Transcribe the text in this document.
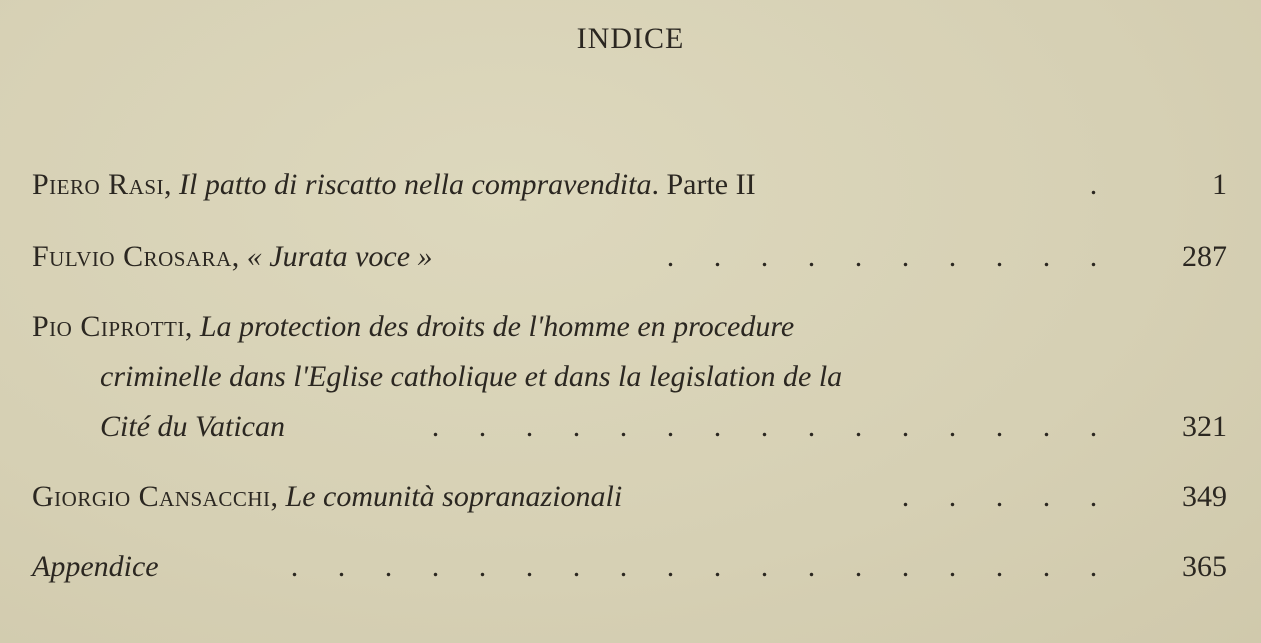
INDICE
Piero Rasi, Il patto di riscatto nella compravendita. Parte II	.	1
Fulvio Crosara, « Jurata voce »	. . . . . . . . . .	287
Pio Ciprotti, La protection des droits de l'homme en procedure
criminelle dans l'Eglise catholique et dans la legislation de la
Cité du Vatican	. . . . . . . . . . . . . . .	321
Giorgio Cansacchi, Le comunità sopranazionali	. . . . .	349
Appendice	. . . . . . . . . . . . . . . . . .	365
